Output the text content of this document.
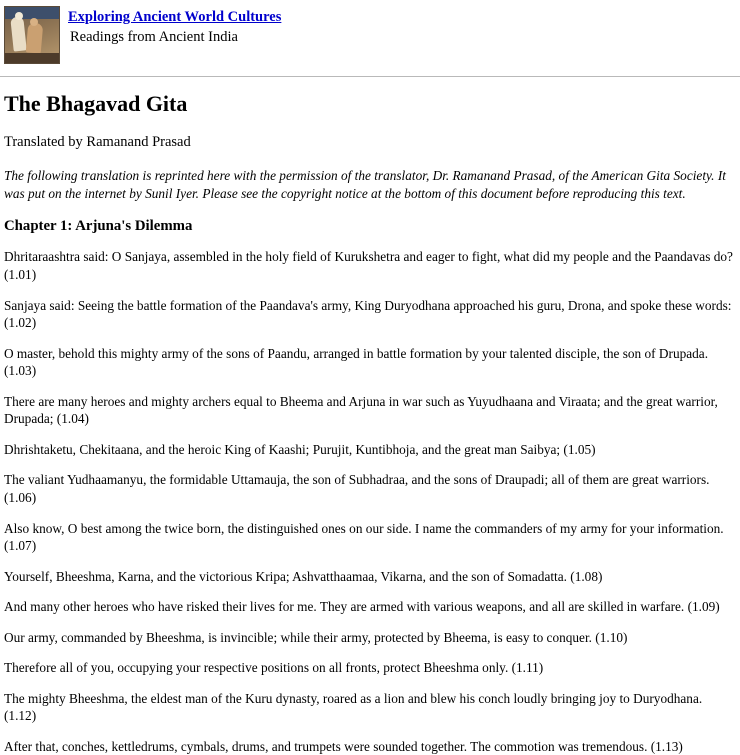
Exploring Ancient World Cultures
Readings from Ancient India
The Bhagavad Gita

Translated by Ramanand Prasad

The following translation is reprinted here with the permission of the translator, Dr. Ramanand Prasad, of the American Gita Society. It was put on the internet by Sunil Iyer. Please see the copyright notice at the bottom of this document before reproducing this text.

Chapter 1: Arjuna's Dilemma

Dhritaraashtra said: O Sanjaya, assembled in the holy field of Kurukshetra and eager to fight, what did my people and the Paandavas do? (1.01)

Sanjaya said: Seeing the battle formation of the Paandava's army, King Duryodhana approached his guru, Drona, and spoke these words: (1.02)

O master, behold this mighty army of the sons of Paandu, arranged in battle formation by your talented disciple, the son of Drupada. (1.03)

There are many heroes and mighty archers equal to Bheema and Arjuna in war such as Yuyudhaana and Viraata; and the great warrior, Drupada; (1.04)

Dhrishtaketu, Chekitaana, and the heroic King of Kaashi; Purujit, Kuntibhoja, and the great man Saibya; (1.05)

The valiant Yudhaamanyu, the formidable Uttamauja, the son of Subhadraa, and the sons of Draupadi; all of them are great warriors. (1.06)

Also know, O best among the twice born, the distinguished ones on our side. I name the commanders of my army for your information. (1.07)

Yourself, Bheeshma, Karna, and the victorious Kripa; Ashvatthaamaa, Vikarna, and the son of Somadatta. (1.08)

And many other heroes who have risked their lives for me. They are armed with various weapons, and all are skilled in warfare. (1.09)

Our army, commanded by Bheeshma, is invincible; while their army, protected by Bheema, is easy to conquer. (1.10)

Therefore all of you, occupying your respective positions on all fronts, protect Bheeshma only. (1.11)

The mighty Bheeshma, the eldest man of the Kuru dynasty, roared as a lion and blew his conch loudly bringing joy to Duryodhana. (1.12)

After that, conches, kettledrums, cymbals, drums, and trumpets were sounded together. The commotion was tremendous. (1.13)
